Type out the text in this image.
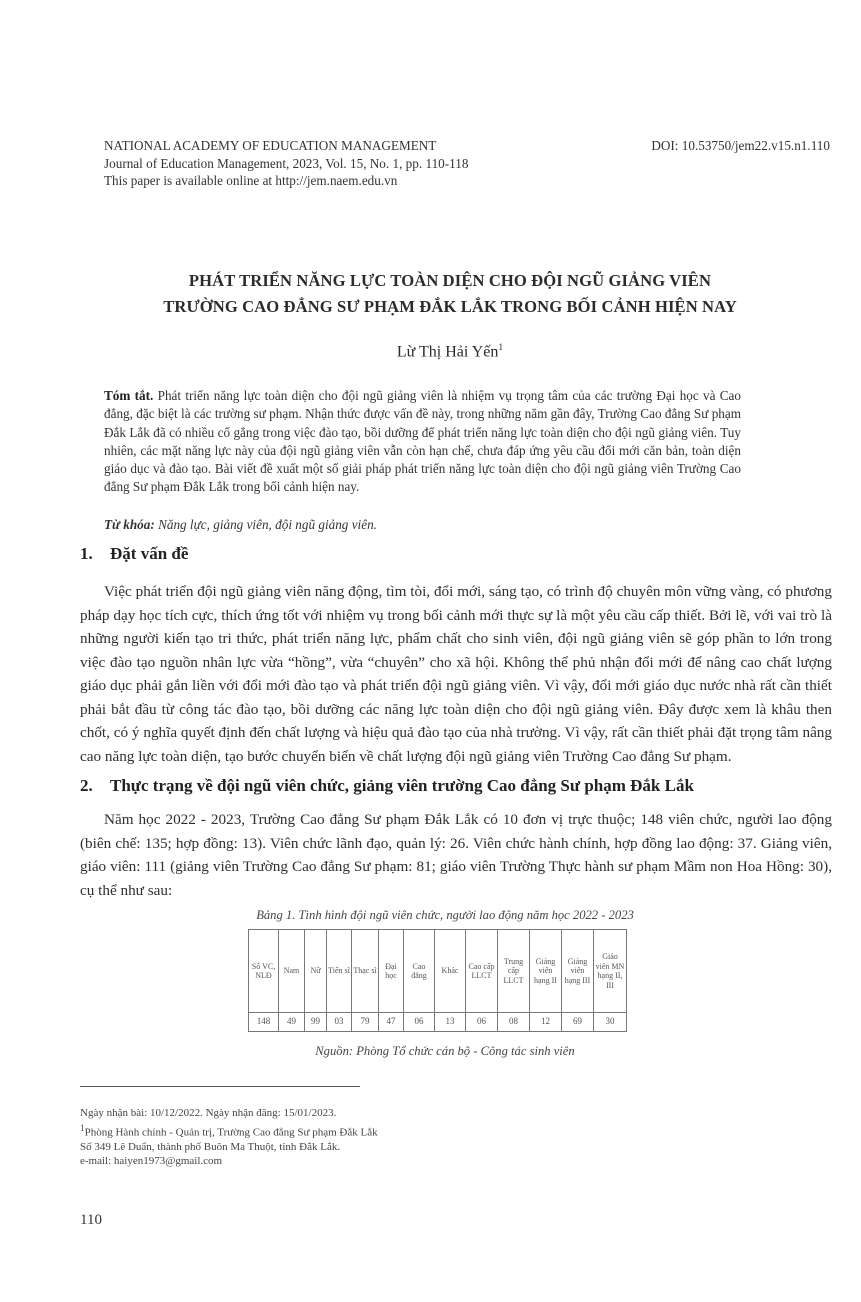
NATIONAL ACADEMY OF EDUCATION MANAGEMENT
Journal of Education Management, 2023, Vol. 15, No. 1, pp. 110-118
This paper is available online at http://jem.naem.edu.vn
DOI: 10.53750/jem22.v15.n1.110
PHÁT TRIỂN NĂNG LỰC TOÀN DIỆN CHO ĐỘI NGŨ GIẢNG VIÊN
TRƯỜNG CAO ĐẲNG SƯ PHẠM ĐẮK LẮK TRONG BỐI CẢNH HIỆN NAY
Lừ Thị Hải Yến$^1$
Tóm tắt. Phát triển năng lực toàn diện cho đội ngũ giảng viên là nhiệm vụ trọng tâm của các trường Đại học và Cao đẳng, đặc biệt là các trường sư phạm. Nhận thức được vấn đề này, trong những năm gần đây, Trường Cao đẳng Sư phạm Đắk Lắk đã có nhiều cố gắng trong việc đào tạo, bồi dưỡng để phát triển năng lực toàn diện cho đội ngũ giảng viên. Tuy nhiên, các mặt năng lực này của đội ngũ giảng viên vẫn còn hạn chế, chưa đáp ứng yêu cầu đổi mới căn bản, toàn diện giáo dục và đào tạo. Bài viết đề xuất một số giải pháp phát triển năng lực toàn diện cho đội ngũ giảng viên Trường Cao đẳng Sư phạm Đắk Lắk trong bối cảnh hiện nay.
Từ khóa: Năng lực, giảng viên, đội ngũ giảng viên.
1. Đặt vấn đề

Việc phát triển đội ngũ giảng viên năng động, tìm tòi, đổi mới, sáng tạo, có trình độ chuyên môn vững vàng, có phương pháp dạy học tích cực, thích ứng tốt với nhiệm vụ trong bối cảnh mới thực sự là một yêu cầu cấp thiết. Bởi lẽ, với vai trò là những người kiến tạo tri thức, phát triển năng lực, phẩm chất cho sinh viên, đội ngũ giảng viên sẽ góp phần to lớn trong việc đào tạo nguồn nhân lực vừa “hồng”, vừa “chuyên” cho xã hội. Không thể phủ nhận đổi mới để nâng cao chất lượng giáo dục phải gắn liền với đổi mới đào tạo và phát triển đội ngũ giảng viên. Vì vậy, đổi mới giáo dục nước nhà rất cần thiết phải bắt đầu từ công tác đào tạo, bồi dưỡng các năng lực toàn diện cho đội ngũ giảng viên. Đây được xem là khâu then chốt, có ý nghĩa quyết định đến chất lượng và hiệu quả đào tạo của nhà trường. Vì vậy, rất cần thiết phải đặt trọng tâm nâng cao năng lực toàn diện, tạo bước chuyển biến về chất lượng đội ngũ giảng viên Trường Cao đẳng Sư phạm.

2. Thực trạng về đội ngũ viên chức, giảng viên trường Cao đẳng Sư phạm Đắk Lắk

Năm học 2022 - 2023, Trường Cao đẳng Sư phạm Đắk Lắk có 10 đơn vị trực thuộc; 148 viên chức, người lao động (biên chế: 135; hợp đồng: 13). Viên chức lãnh đạo, quản lý: 26. Viên chức hành chính, hợp đồng lao động: 37. Giảng viên, giáo viên: 111 (giảng viên Trường Cao đẳng Sư phạm: 81; giáo viên Trường Thực hành sư phạm Mầm non Hoa Hồng: 30), cụ thể như sau:

Bảng 1. Tình hình đội ngũ viên chức, người lao động năm học 2022 - 2023
Số VC, NLĐ	Nam	Nữ	Tiến sĩ	Thạc sĩ	Đại học	Cao đẳng	Khác	Cao cấp LLCT	Trung cấp LLCT	Giảng viên hạng II	Giảng viên hạng III	Giáo viên MN hạng II, III
148	49	99	03	79	47	06	13	06	08	12	69	30
Nguồn: Phòng Tổ chức cán bộ - Công tác sinh viên
Ngày nhận bài: 10/12/2022. Ngày nhận đăng: 15/01/2023.
$^1$Phòng Hành chính - Quản trị, Trường Cao đẳng Sư phạm Đắk Lắk
Số 349 Lê Duẩn, thành phố Buôn Ma Thuột, tỉnh Đắk Lắk.
e-mail: haiyen1973@gmail.com
110
